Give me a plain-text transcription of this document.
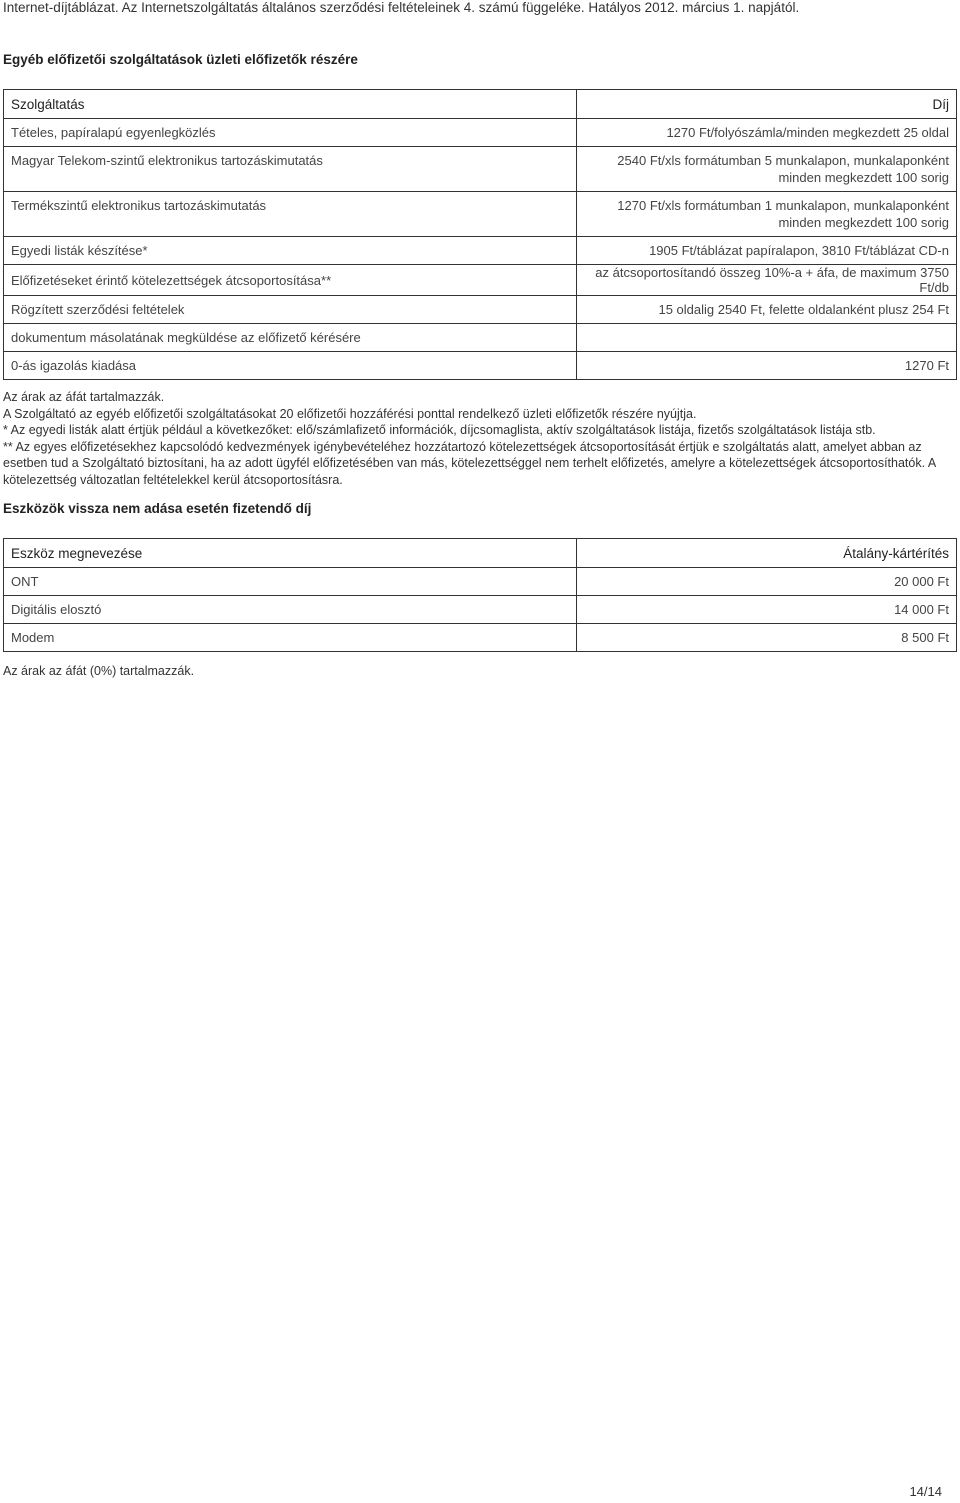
Internet-díjtáblázat. Az Internetszolgáltatás általános szerződési feltételeinek 4. számú függeléke. Hatályos 2012. március 1. napjától.
Egyéb előfizetői szolgáltatások üzleti előfizetők részére
Szolgáltatás	Díj
Tételes, papíralapú egyenlegközlés	1270 Ft/folyószámla/minden megkezdett 25 oldal
Magyar Telekom-szintű elektronikus tartozáskimutatás	2540 Ft/xls formátumban 5 munkalapon, munkalaponként minden megkezdett 100 sorig
Termékszintű elektronikus tartozáskimutatás	1270 Ft/xls formátumban 1 munkalapon, munkalaponként minden megkezdett 100 sorig
Egyedi listák készítése*	1905 Ft/táblázat papíralapon, 3810 Ft/táblázat CD-n
Előfizetéseket érintő kötelezettségek átcsoportosítása**	az átcsoportosítandó összeg 10%-a + áfa, de maximum 3750 Ft/db
Rögzített szerződési feltételek	15 oldalig 2540 Ft, felette oldalanként plusz 254 Ft
dokumentum másolatának megküldése az előfizető kérésére	
0-ás igazolás kiadása	1270 Ft

Az árak az áfát tartalmazzák.

A Szolgáltató az egyéb előfizetői szolgáltatásokat 20 előfizetői hozzáférési ponttal rendelkező üzleti előfizetők részére nyújtja.

* Az egyedi listák alatt értjük például a következőket: elő/számlafizető információk, díjcsomaglista, aktív szolgáltatások listája, fizetős szolgáltatások listája stb.

** Az egyes előfizetésekhez kapcsolódó kedvezmények igénybevételéhez hozzátartozó kötelezettségek átcsoportosítását értjük e szolgáltatás alatt, amelyet abban az esetben tud a Szolgáltató biztosítani, ha az adott ügyfél előfizetésében van más, kötelezettséggel nem terhelt előfizetés, amelyre a kötelezettségek átcsoportosíthatók. A kötelezettség változatlan feltételekkel kerül átcsoportosításra.

Eszközök vissza nem adása esetén fizetendő díj
Eszköz megnevezése	Átalány-kártérítés
ONT	20 000 Ft
Digitális elosztó	14 000 Ft
Modem	8 500 Ft
Az árak az áfát (0%) tartalmazzák.
14/14
